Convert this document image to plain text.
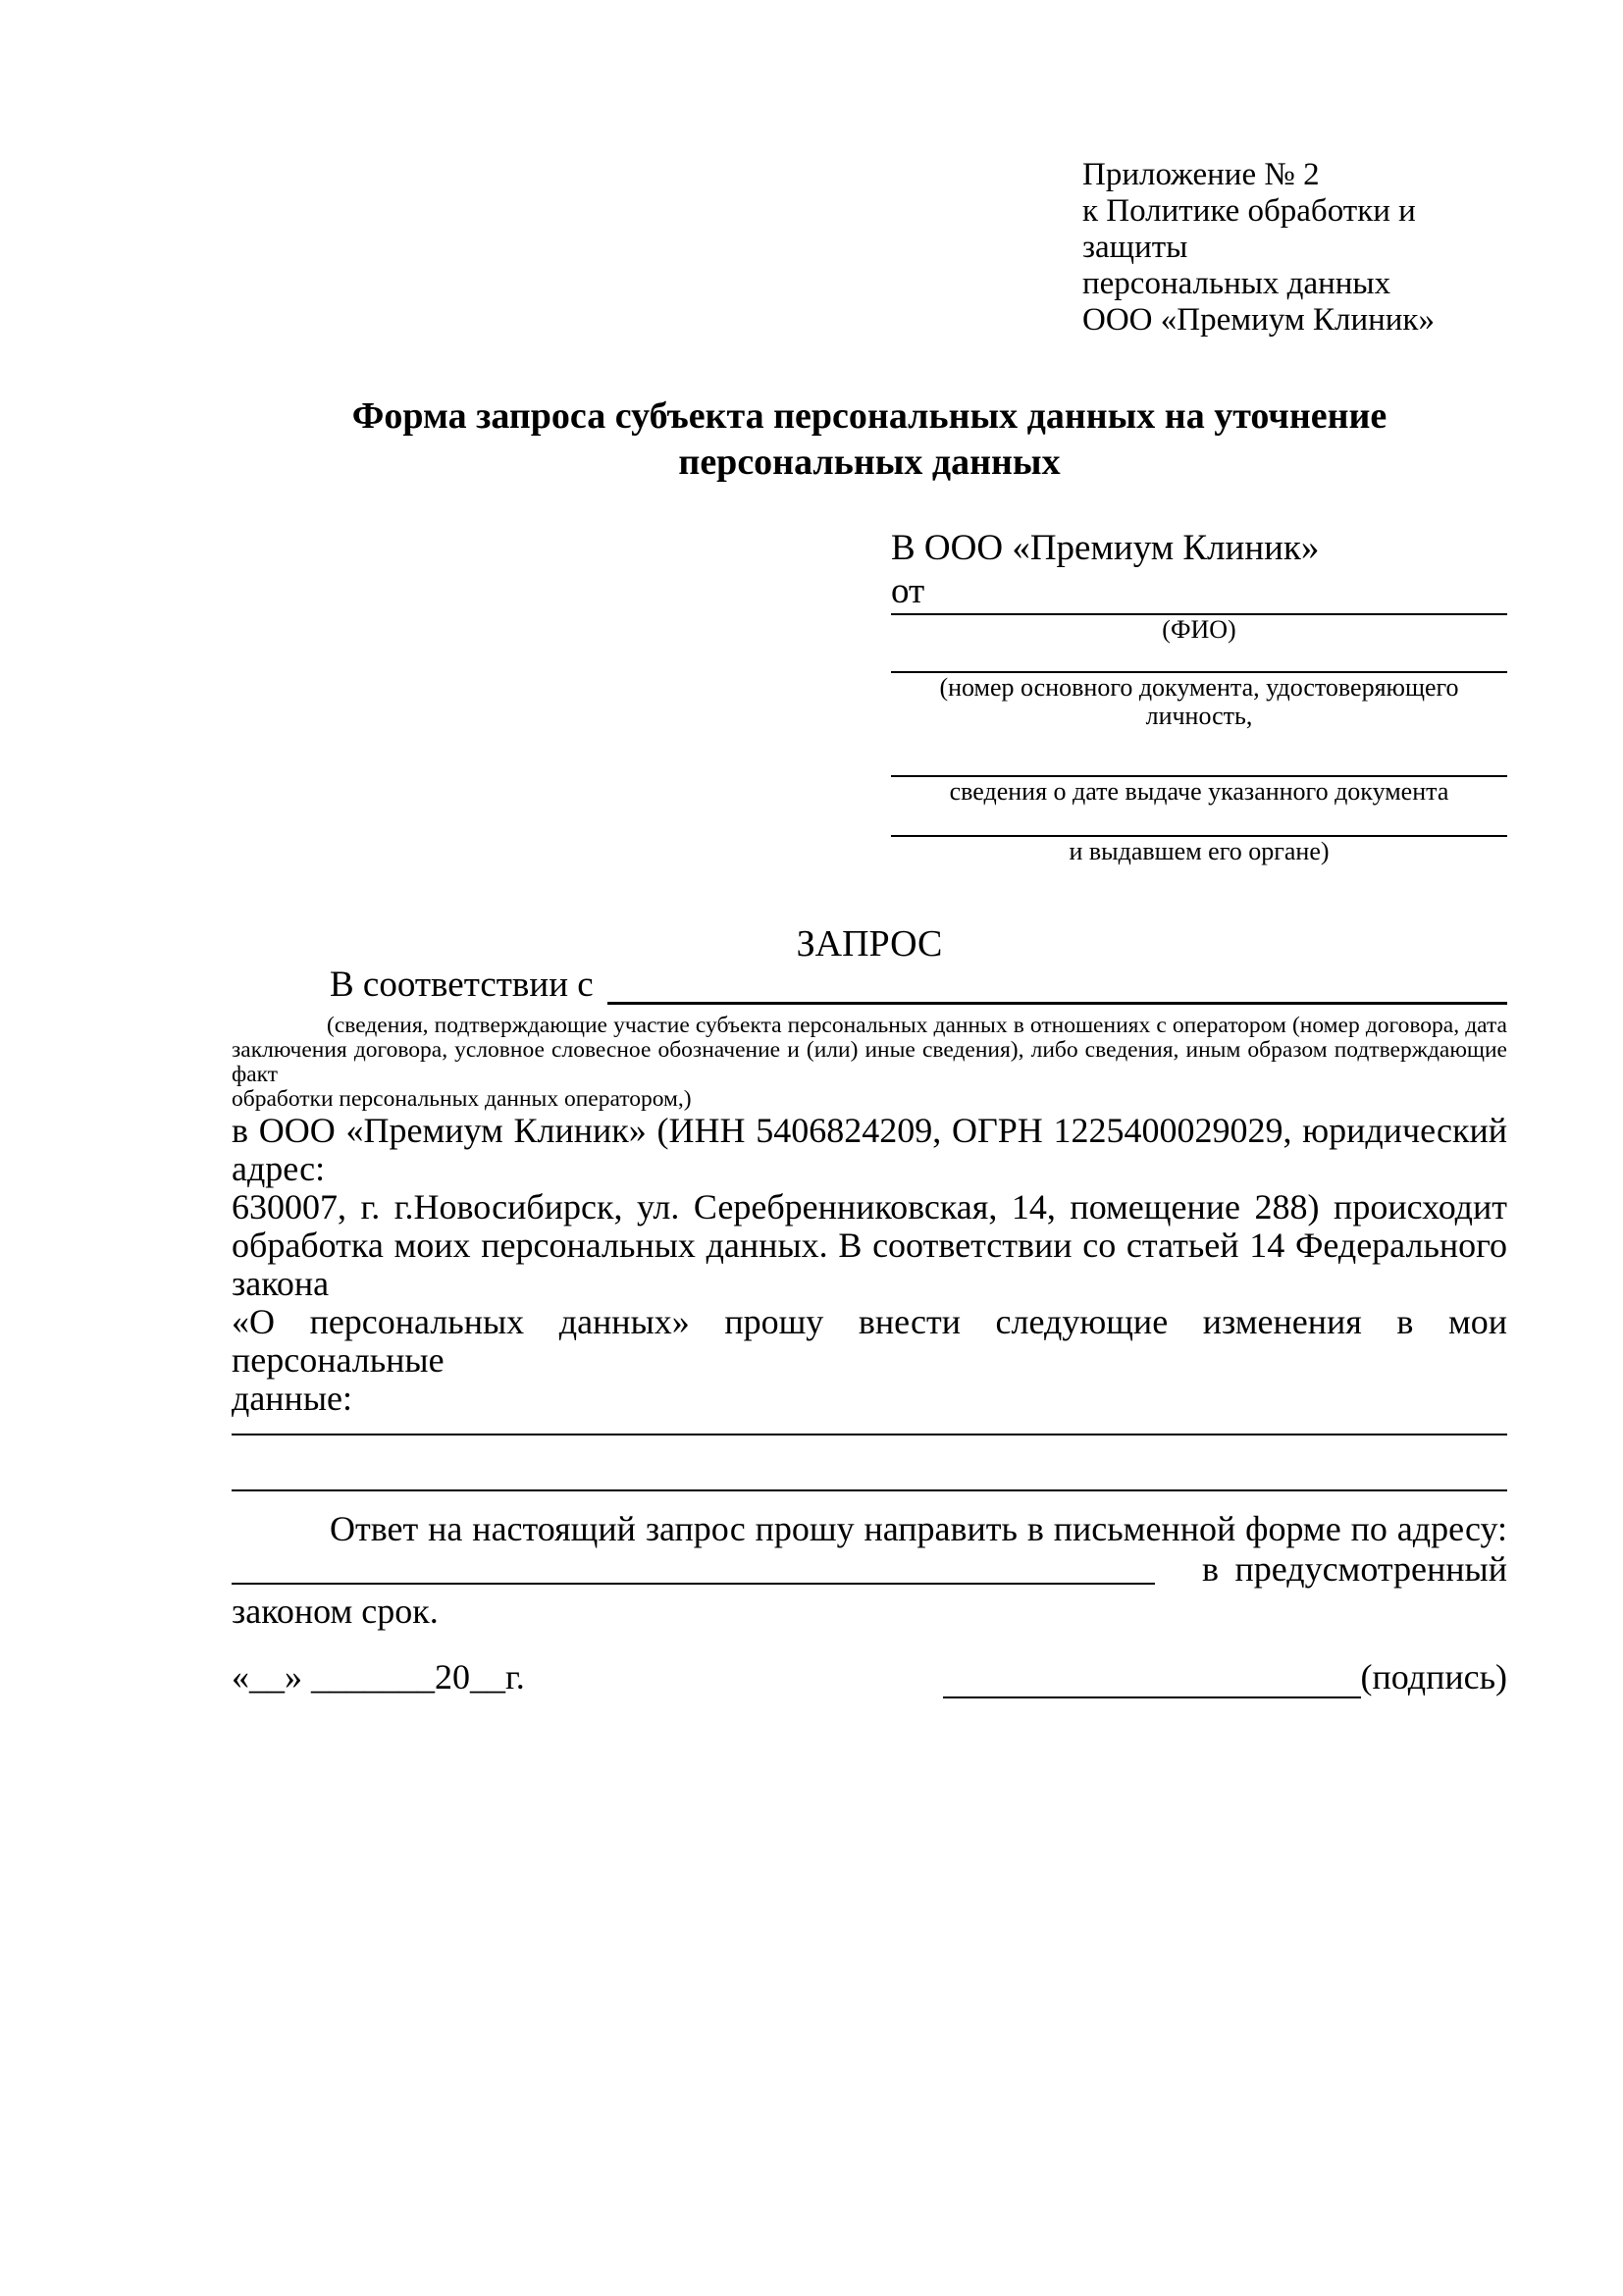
Приложение № 2
к Политике обработки и защиты
персональных данных
ООО «Премиум Клиник»
Форма запроса субъекта персональных данных на уточнение
персональных данных
В ООО «Премиум Клиник»
от
(ФИО)
(номер основного документа, удостоверяющего личность,
сведения о дате выдаче указанного документа
и выдавшем его органе)
ЗАПРОС
В соответствии с
(сведения, подтверждающие участие субъекта персональных данных в отношениях с оператором (номер договора, дата
заключения договора, условное словесное обозначение и (или) иные сведения), либо сведения, иным образом подтверждающие факт
обработки персональных данных оператором,)
в ООО «Премиум Клиник» (ИНН 5406824209, ОГРН 1225400029029, юридический адрес:
630007, г. г.Новосибирск, ул. Серебренниковская, 14, помещение 288) происходит
обработка моих персональных данных. В соответствии со статьей 14 Федерального закона
«О персональных данных» прошу внести следующие изменения в мои персональные
данные:
Ответ на настоящий запрос прошу направить в письменной форме по адресу:
в предусмотренный
законом срок.
«__» _______20__г.	(подпись)
